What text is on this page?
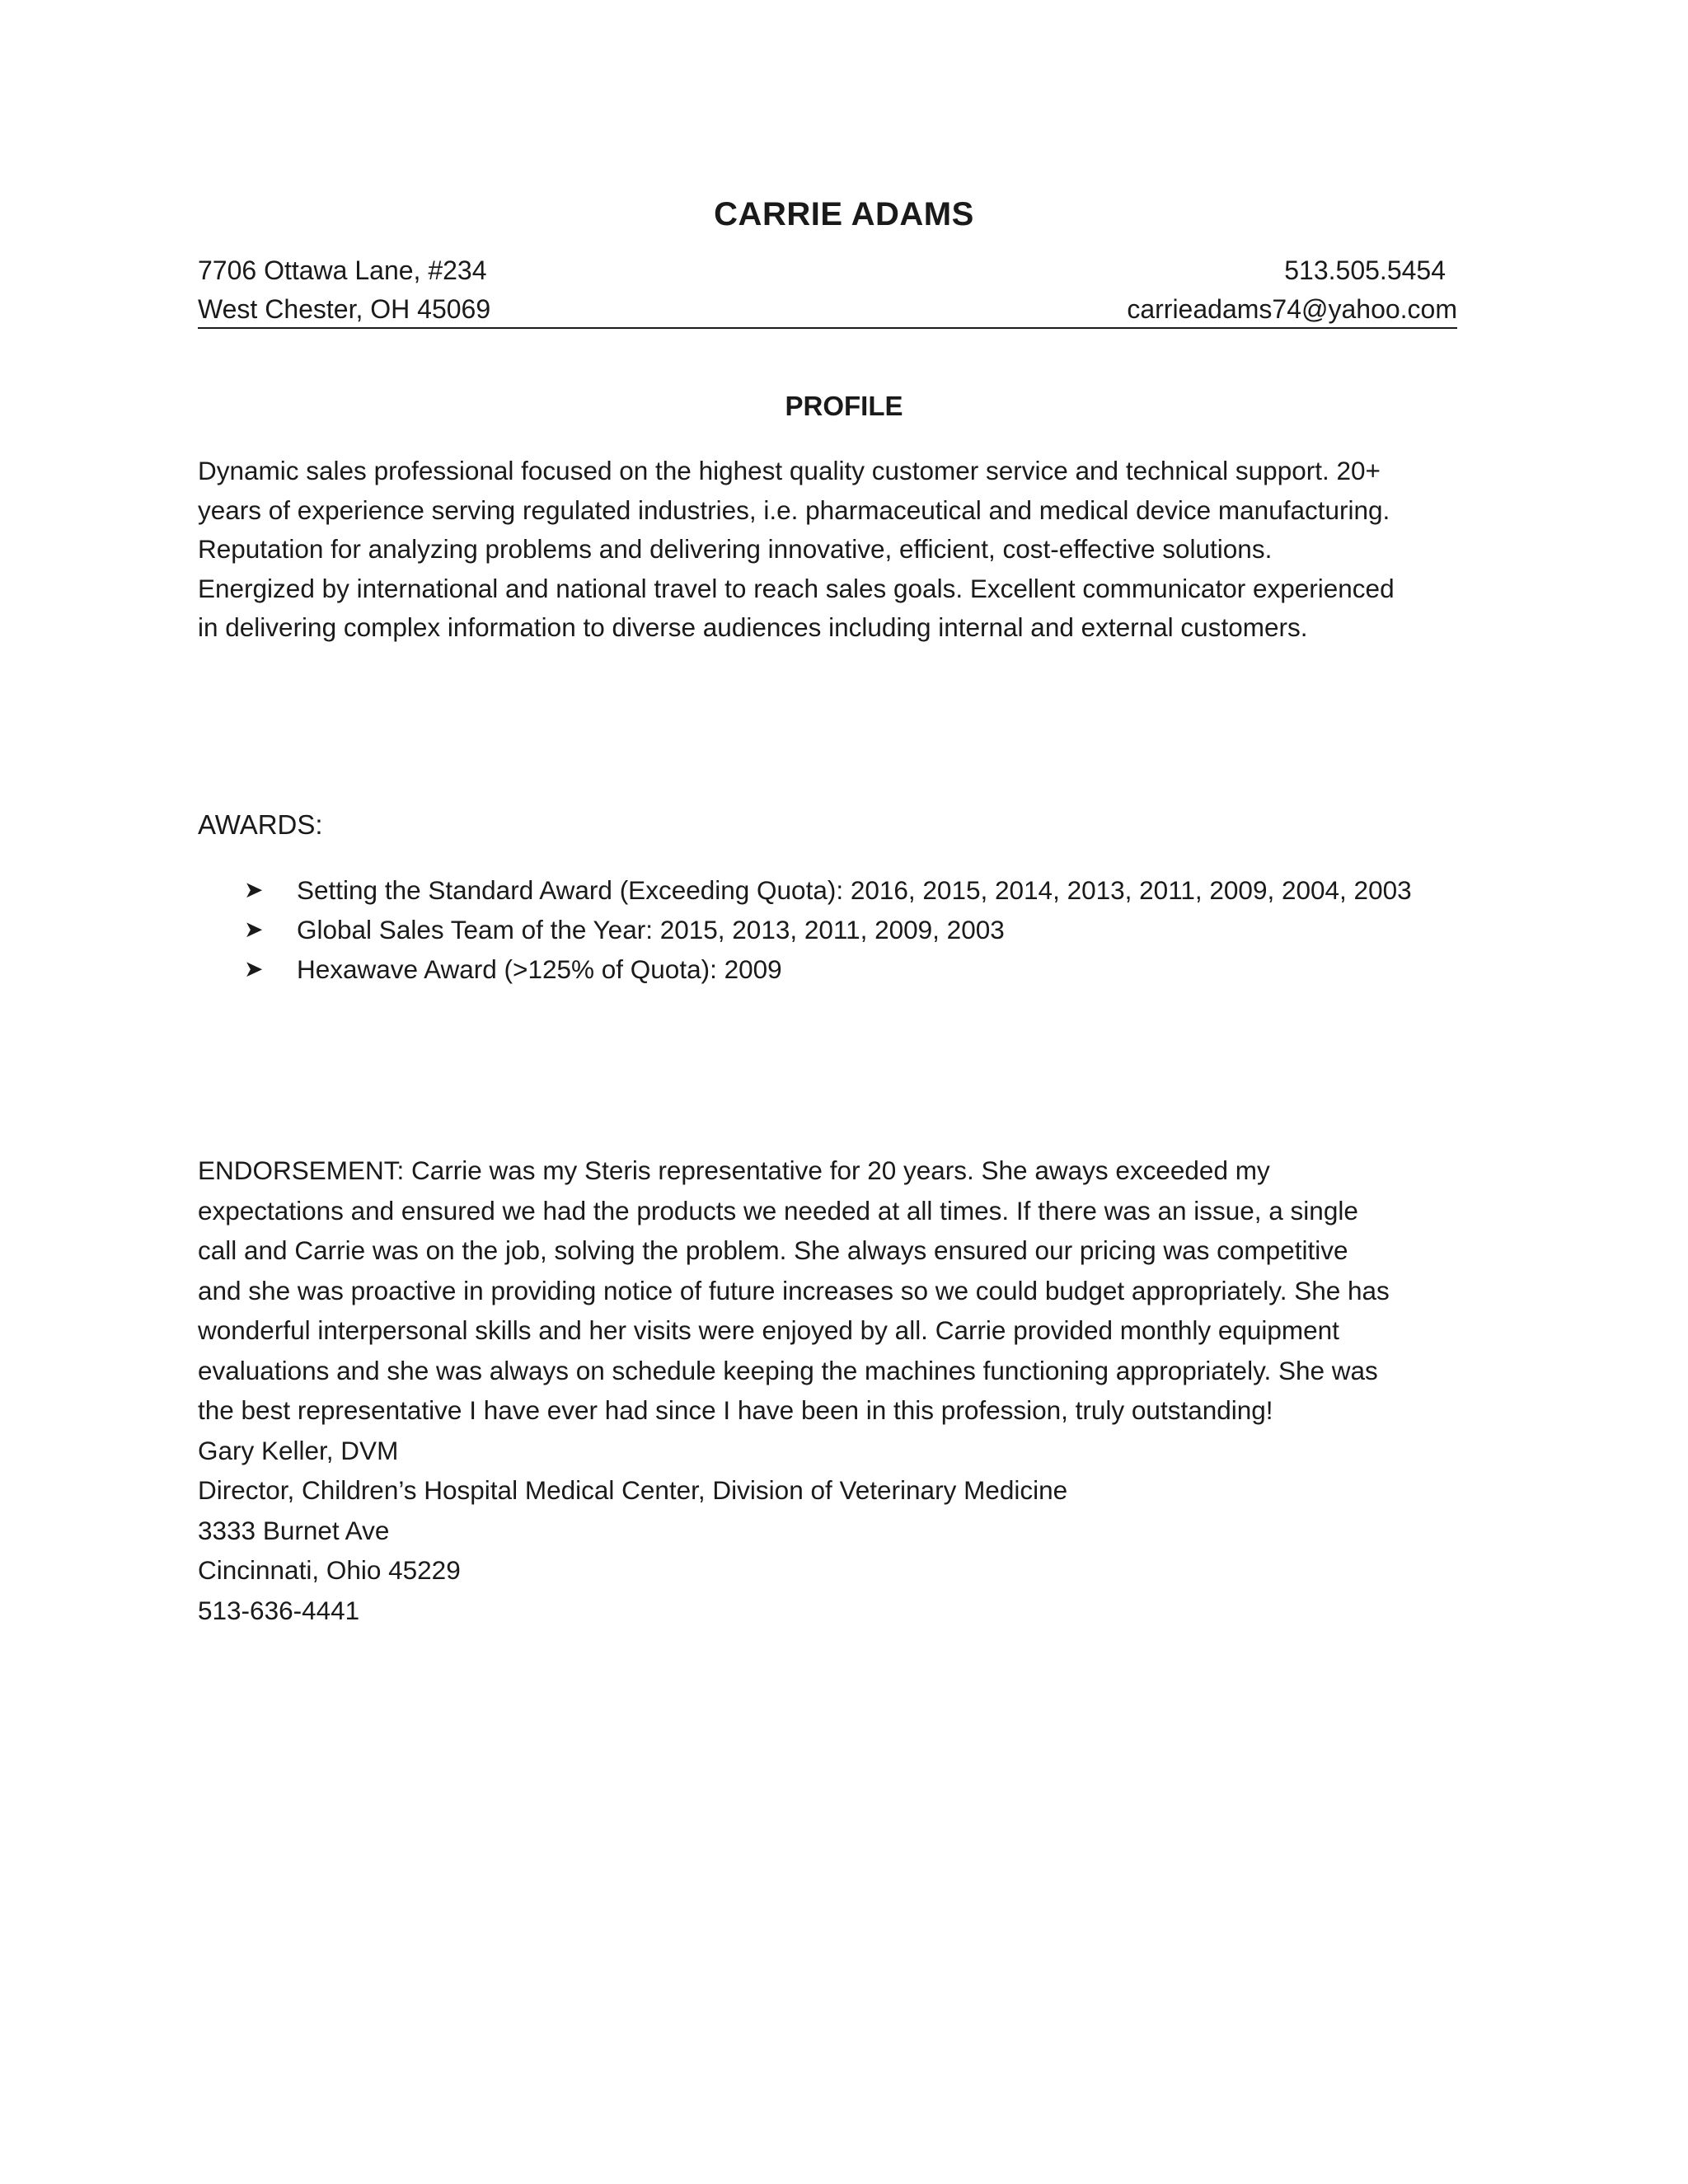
CARRIE ADAMS
7706 Ottawa Lane, #234	513.505.5454
West Chester, OH 45069	carrieadams74@yahoo.com
PROFILE
Dynamic sales professional focused on the highest quality customer service and technical support. 20+
years of experience serving regulated industries, i.e. pharmaceutical and medical device manufacturing.
Reputation for analyzing problems and delivering innovative, efficient, cost-effective solutions.
Energized by international and national travel to reach sales goals. Excellent communicator experienced
in delivering complex information to diverse audiences including internal and external customers.
AWARDS:
➤	Setting the Standard Award (Exceeding Quota): 2016, 2015, 2014, 2013, 2011, 2009, 2004, 2003
➤	Global Sales Team of the Year: 2015, 2013, 2011, 2009, 2003
➤	Hexawave Award (>125% of Quota): 2009
ENDORSEMENT: Carrie was my Steris representative for 20 years. She aways exceeded my
expectations and ensured we had the products we needed at all times. If there was an issue, a single
call and Carrie was on the job, solving the problem. She always ensured our pricing was competitive
and she was proactive in providing notice of future increases so we could budget appropriately. She has
wonderful interpersonal skills and her visits were enjoyed by all. Carrie provided monthly equipment
evaluations and she was always on schedule keeping the machines functioning appropriately. She was
the best representative I have ever had since I have been in this profession, truly outstanding!
Gary Keller, DVM
Director, Children’s Hospital Medical Center, Division of Veterinary Medicine
3333 Burnet Ave
Cincinnati, Ohio 45229
513-636-4441
